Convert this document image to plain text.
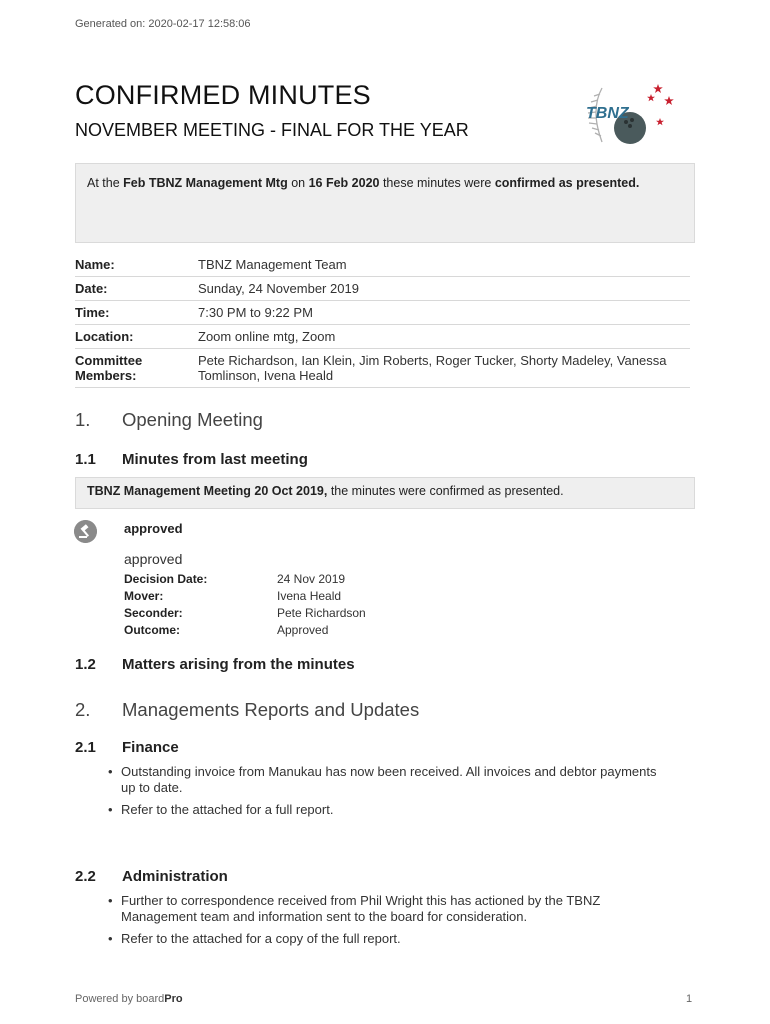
Generated on: 2020-02-17 12:58:06
CONFIRMED MINUTES
NOVEMBER MEETING - FINAL FOR THE YEAR
TBNZ
At the Feb TBNZ Management Mtg on 16 Feb 2020 these minutes were confirmed as presented.
Name:	TBNZ Management Team
Date:	Sunday, 24 November 2019
Time:	7:30 PM to 9:22 PM
Location:	Zoom online mtg, Zoom
Committee Members:
Pete Richardson, Ian Klein, Jim Roberts, Roger Tucker, Shorty Madeley, Vanessa Tomlinson, Ivena Heald
1. Opening Meeting
1.1 Minutes from last meeting
TBNZ Management Meeting 20 Oct 2019, the minutes were confirmed as presented.
approved
approved
Decision Date:	24 Nov 2019
Mover:	Ivena Heald
Seconder:	Pete Richardson
Outcome:	Approved
1.2 Matters arising from the minutes
2. Managements Reports and Updates
2.1 Finance
• Outstanding invoice from Manukau has now been received. All invoices and debtor payments up to date.
• Refer to the attached for a full report.
2.2 Administration
• Further to correspondence received from Phil Wright this has actioned by the TBNZ Management team and information sent to the board for consideration.
• Refer to the attached for a copy of the full report.
Powered by boardPro	1
